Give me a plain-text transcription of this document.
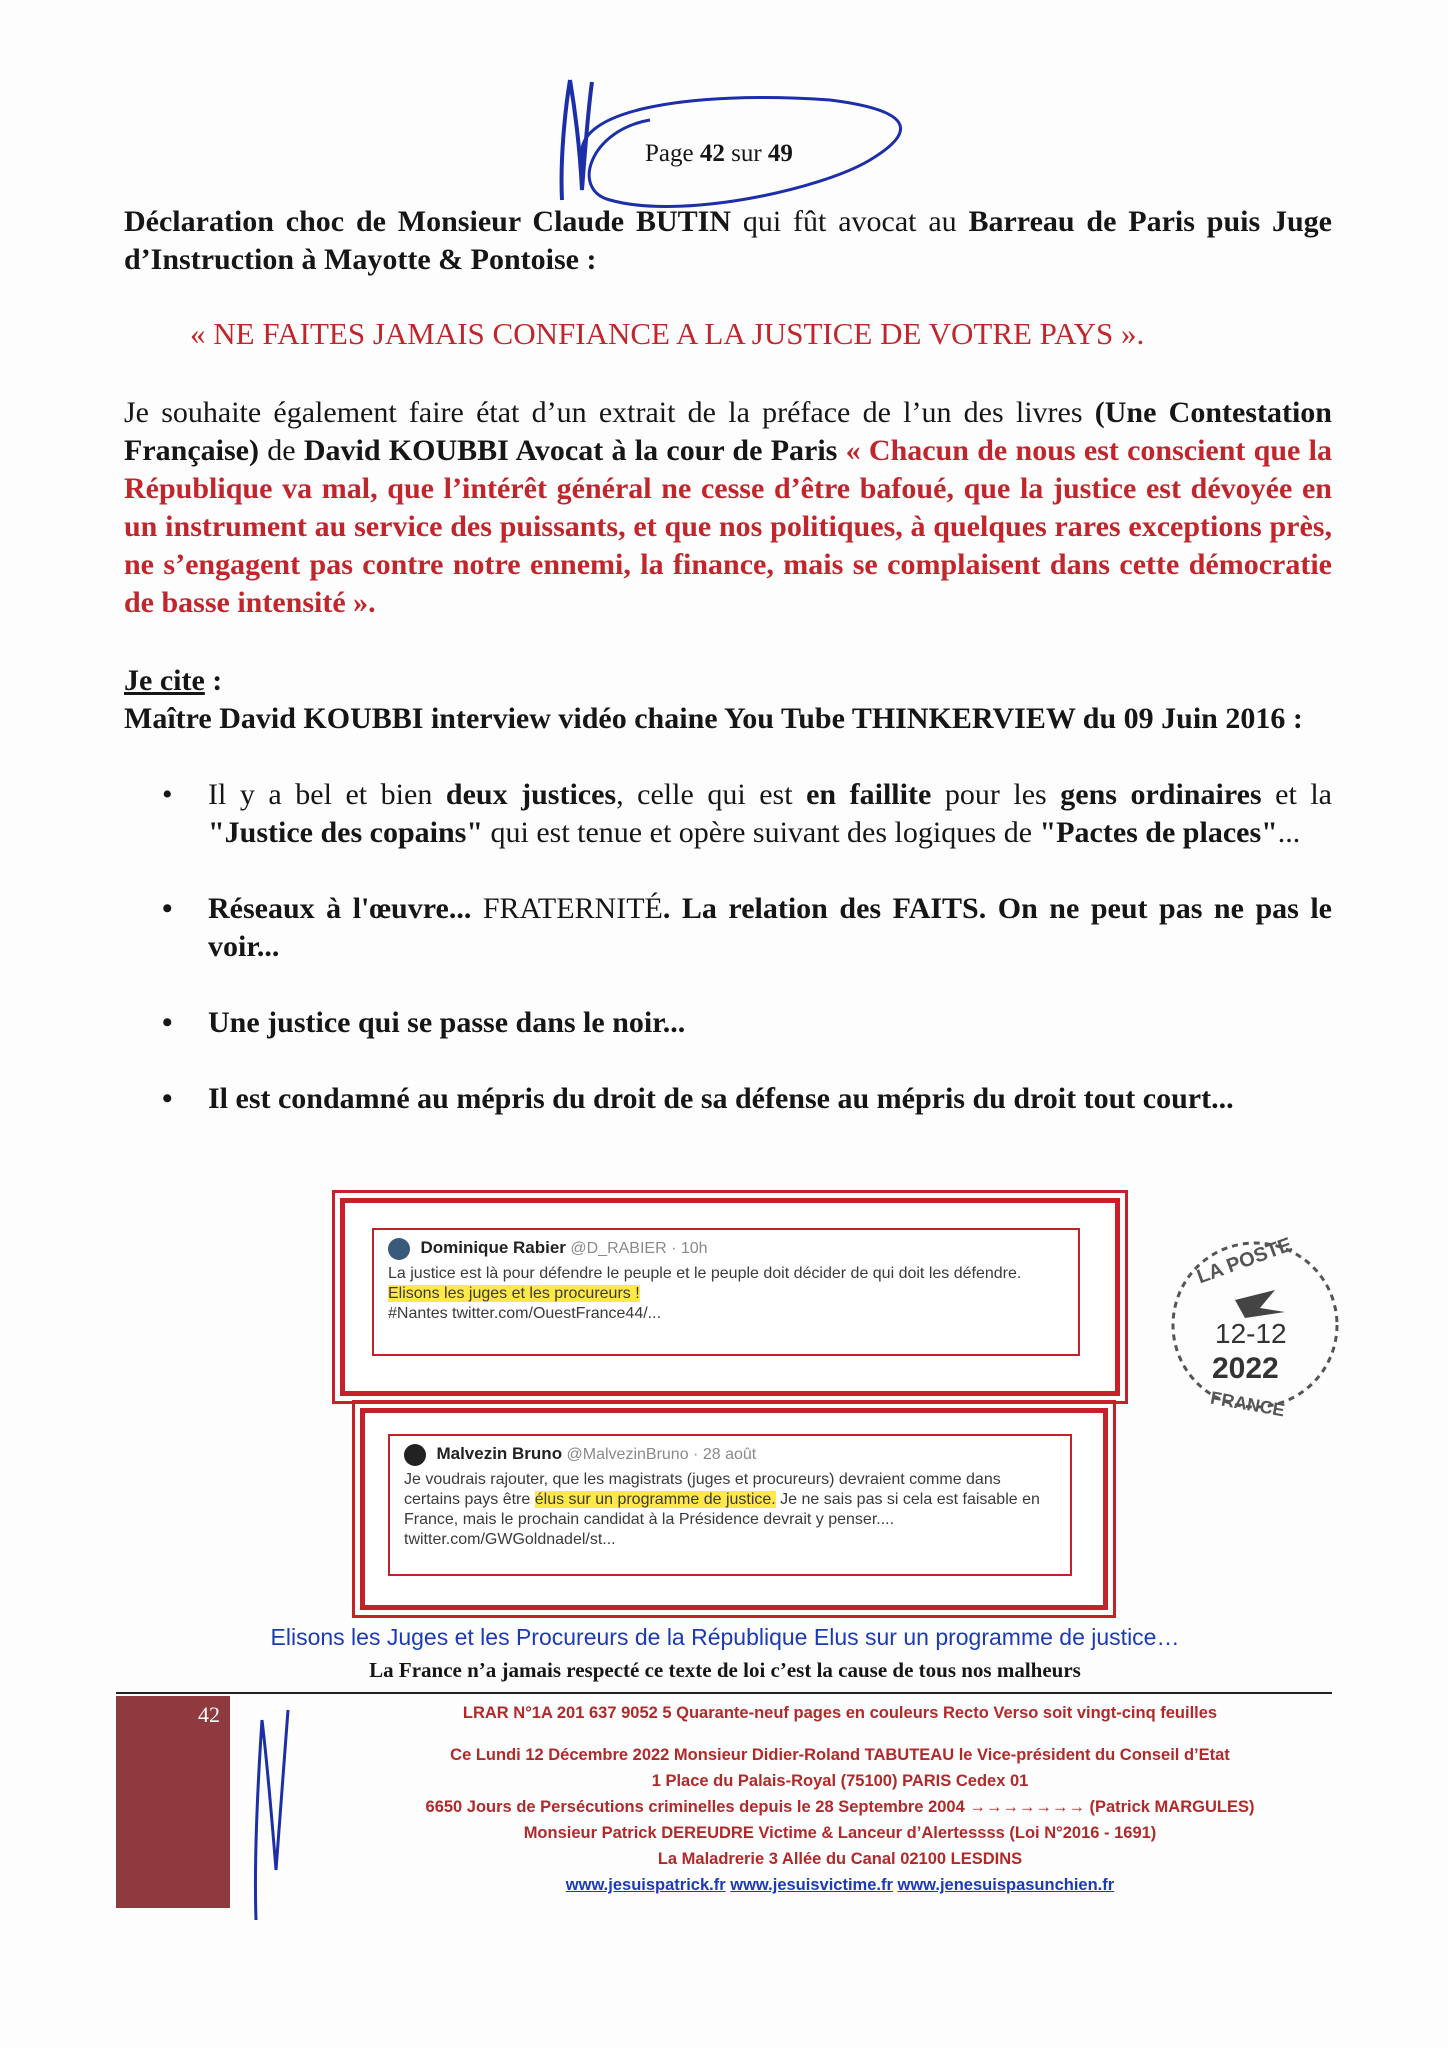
Page 42 sur 49

Déclaration choc de Monsieur Claude BUTIN qui fût avocat au Barreau de Paris puis Juge d’Instruction à Mayotte & Pontoise :

« NE FAITES JAMAIS CONFIANCE A LA JUSTICE DE VOTRE PAYS ».

Je souhaite également faire état d’un extrait de la préface de l’un des livres (Une Contestation Française) de David KOUBBI Avocat à la cour de Paris « Chacun de nous est conscient que la République va mal, que l’intérêt général ne cesse d’être bafoué, que la justice est dévoyée en un instrument au service des puissants, et que nos politiques, à quelques rares exceptions près, ne s’engagent pas contre notre ennemi, la finance, mais se complaisent dans cette démocratie de basse intensité ».

Je cite :

Maître David KOUBBI interview vidéo chaine You Tube THINKERVIEW du 09 Juin 2016 :

• Il y a bel et bien deux justices, celle qui est en faillite pour les gens ordinaires et la "Justice des copains" qui est tenue et opère suivant des logiques de "Pactes de places"...
• Réseaux à l'œuvre... FRATERNITÉ. La relation des FAITS. On ne peut pas ne pas le voir...
• Une justice qui se passe dans le noir...
• Il est condamné au mépris du droit de sa défense au mépris du droit tout court...
Dominique Rabier @D_RABIER · 10h
La justice est là pour défendre le peuple et le peuple doit décider de qui doit les défendre.
Elisons les juges et les procureurs !
#Nantes twitter.com/OuestFrance44/...
LA POSTE
12-12
2022
FRANCE
Malvezin Bruno @MalvezinBruno · 28 août
Je voudrais rajouter, que les magistrats (juges et procureurs) devraient comme dans certains pays être élus sur un programme de justice. Je ne sais pas si cela est faisable en France, mais le prochain candidat à la Présidence devrait y penser.... twitter.com/GWGoldnadel/st...
Elisons les Juges et les Procureurs de la République Elus sur un programme de justice…
La France n’a jamais respecté ce texte de loi c’est la cause de tous nos malheurs
42	LRAR N°1A 201 637 9052 5 Quarante-neuf pages en couleurs Recto Verso soit vingt-cinq feuilles
Ce Lundi 12 Décembre 2022 Monsieur Didier-Roland TABUTEAU le Vice-président du Conseil d’Etat
1 Place du Palais-Royal (75100) PARIS Cedex 01
6650 Jours de Persécutions criminelles depuis le 28 Septembre 2004 →→→→→→→ (Patrick MARGULES)
Monsieur Patrick DEREUDRE Victime & Lanceur d’Alertessss (Loi N°2016 - 1691)
La Maladrerie 3 Allée du Canal 02100 LESDINS
www.jesuispatrick.fr www.jesuisvictime.fr www.jenesuispasunchien.fr
